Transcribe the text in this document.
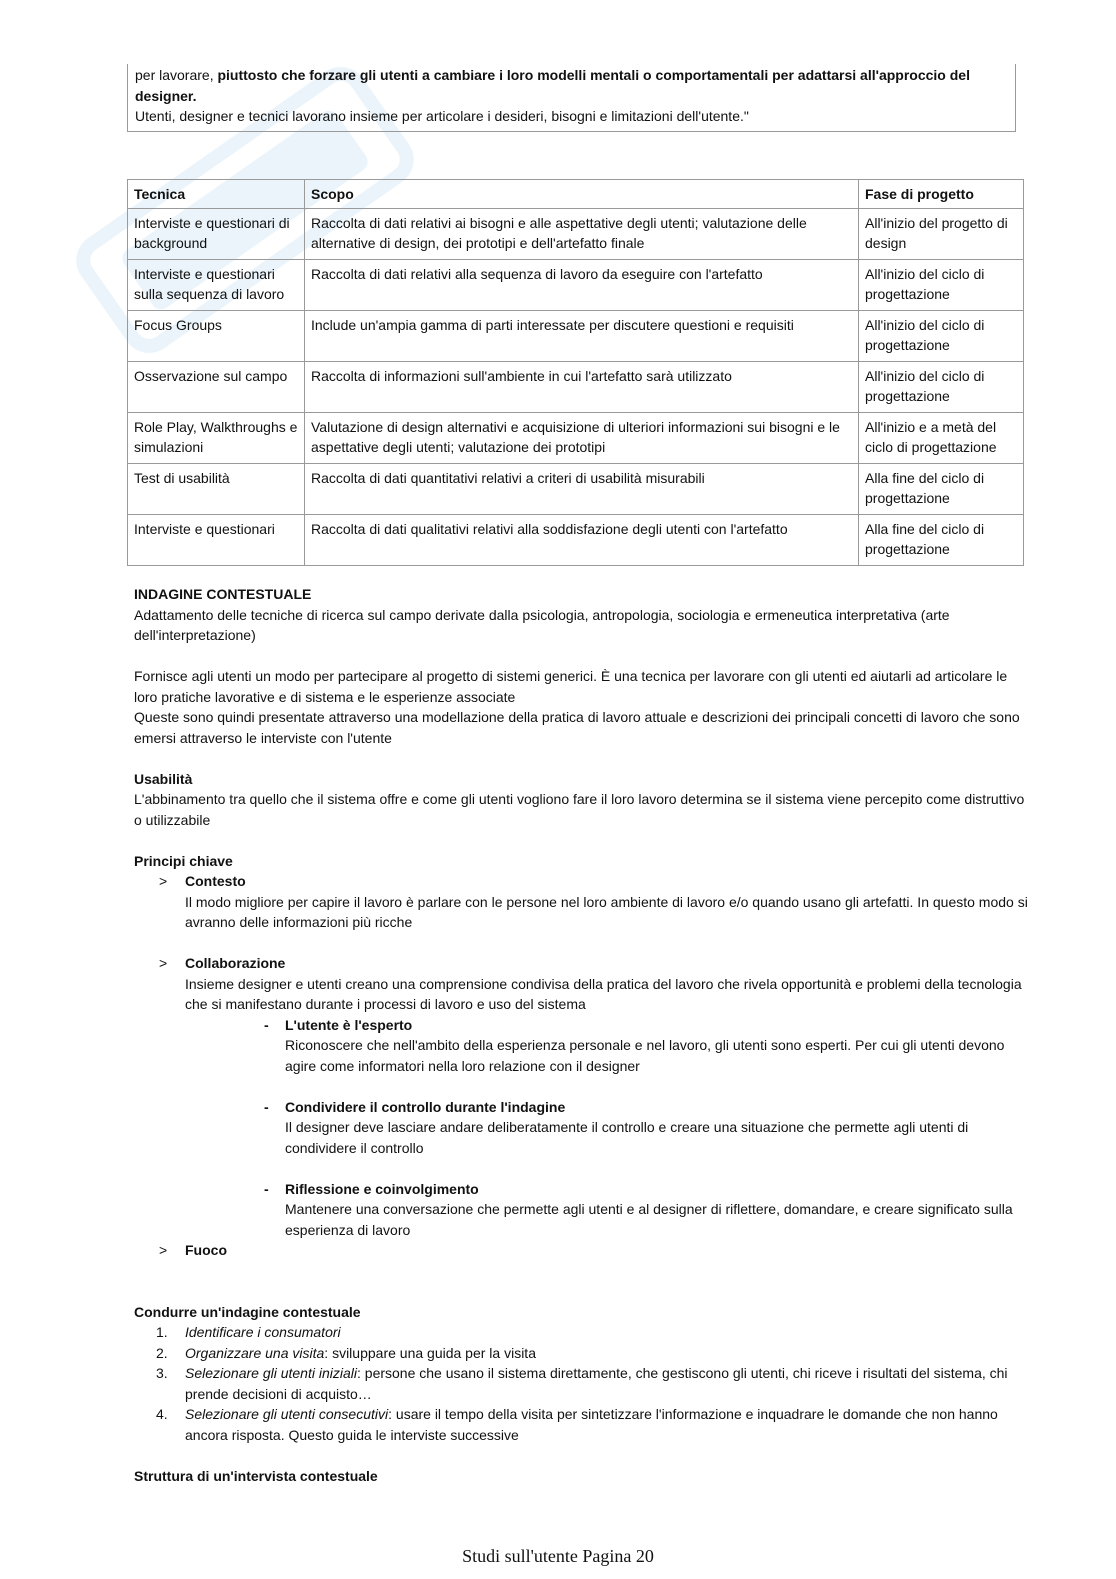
per lavorare, piuttosto che forzare gli utenti a cambiare i loro modelli mentali o comportamentali per adattarsi all'approccio del designer.

Utenti, designer e tecnici lavorano insieme per articolare i desideri, bisogni e limitazioni dell'utente."

Tecnica	Scopo	Fase di progetto
Interviste e questionari di background	Raccolta di dati relativi ai bisogni e alle aspettative degli utenti; valutazione delle alternative di design, dei prototipi e dell'artefatto finale	All'inizio del progetto di design
Interviste e questionari sulla sequenza di lavoro	Raccolta di dati relativi alla sequenza di lavoro da eseguire con l'artefatto	All'inizio del ciclo di progettazione
Focus Groups	Include un'ampia gamma di parti interessate per discutere questioni e requisiti	All'inizio del ciclo di progettazione
Osservazione sul campo	Raccolta di informazioni sull'ambiente in cui l'artefatto sarà utilizzato	All'inizio del ciclo di progettazione
Role Play, Walkthroughs e simulazioni	Valutazione di design alternativi e acquisizione di ulteriori informazioni sui bisogni e le aspettative degli utenti; valutazione dei prototipi	All'inizio e a metà del ciclo di progettazione
Test di usabilità	Raccolta di dati quantitativi relativi a criteri di usabilità misurabili	Alla fine del ciclo di progettazione
Interviste e questionari	Raccolta di dati qualitativi relativi alla soddisfazione degli utenti con l'artefatto	Alla fine del ciclo di progettazione

INDAGINE CONTESTUALE

Adattamento delle tecniche di ricerca sul campo derivate dalla psicologia, antropologia, sociologia e ermeneutica interpretativa (arte dell'interpretazione)

Fornisce agli utenti un modo per partecipare al progetto di sistemi generici. È una tecnica per lavorare con gli utenti ed aiutarli ad articolare le loro pratiche lavorative e di sistema e le esperienze associate

Queste sono quindi presentate attraverso una modellazione della pratica di lavoro attuale e descrizioni dei principali concetti di lavoro che sono emersi attraverso le interviste con l'utente

Usabilità

L'abbinamento tra quello che il sistema offre e come gli utenti vogliono fare il loro lavoro determina se il sistema viene percepito come distruttivo o utilizzabile

Principi chiave

> Contesto

Il modo migliore per capire il lavoro è parlare con le persone nel loro ambiente di lavoro e/o quando usano gli artefatti. In questo modo si avranno delle informazioni più ricche

> Collaborazione

Insieme designer e utenti creano una comprensione condivisa della pratica del lavoro che rivela opportunità e problemi della tecnologia che si manifestano durante i processi di lavoro e uso del sistema

- L'utente è l'esperto

Riconoscere che nell'ambito della esperienza personale e nel lavoro, gli utenti sono esperti. Per cui gli utenti devono agire come informatori nella loro relazione con il designer

- Condividere il controllo durante l'indagine

Il designer deve lasciare andare deliberatamente il controllo e creare una situazione che permette agli utenti di condividere il controllo

- Riflessione e coinvolgimento

Mantenere una conversazione che permette agli utenti e al designer di riflettere, domandare, e creare significato sulla esperienza di lavoro

> Fuoco

Condurre un'indagine contestuale

1. Identificare i consumatori
2. Organizzare una visita: sviluppare una guida per la visita
3. Selezionare gli utenti iniziali: persone che usano il sistema direttamente, che gestiscono gli utenti, chi riceve i risultati del sistema, chi prende decisioni di acquisto…
4. Selezionare gli utenti consecutivi: usare il tempo della visita per sintetizzare l'informazione e inquadrare le domande che non hanno ancora risposta. Questo guida le interviste successive

Struttura di un'intervista contestuale

Studi sull'utente Pagina 20
